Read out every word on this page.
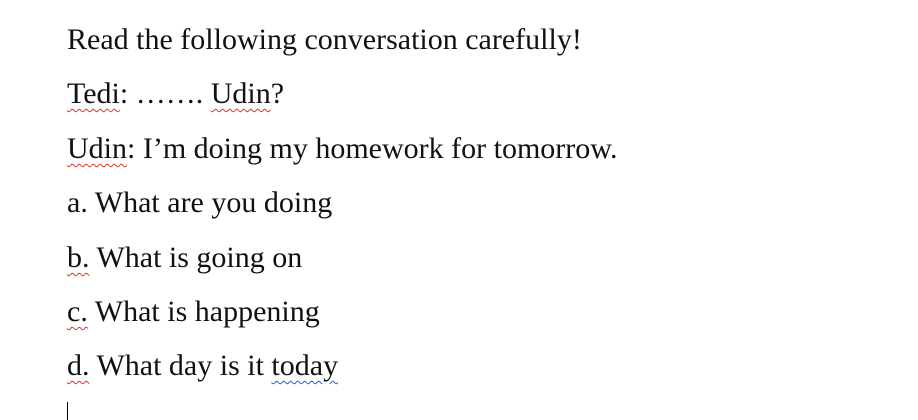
Read the following conversation carefully!

Tedi: ……. Udin?

Udin: I’m doing my homework for tomorrow.

a. What are you doing

b. What is going on

c. What is happening

d. What day is it today
